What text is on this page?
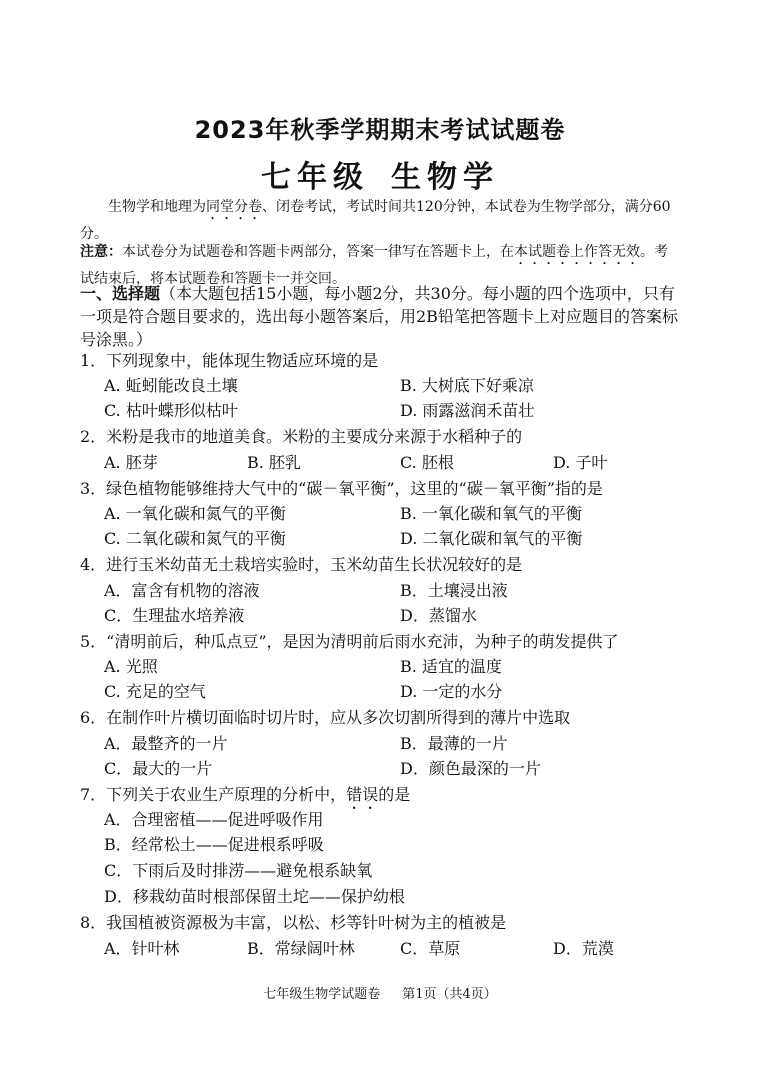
2023年秋季学期期末考试试题卷
七年级 生物学
生物学和地理为同堂分卷、闭卷考试，考试时间共120分钟，本试卷为生物学部分，满分60分。
注意：本试卷分为试题卷和答题卡两部分，答案一律写在答题卡上，在本试题卷上作答无效。考试结束后，将本试题卷和答题卡一并交回。
一、选择题（本大题包括15小题，每小题2分，共30分。每小题的四个选项中，只有一项是符合题目要求的，选出每小题答案后，用2B铅笔把答题卡上对应题目的答案标号涂黑。）
1．下列现象中，能体现生物适应环境的是
A. 蚯蚓能改良土壤	B. 大树底下好乘凉
C. 枯叶蝶形似枯叶	D. 雨露滋润禾苗壮
2．米粉是我市的地道美食。米粉的主要成分来源于水稻种子的
A. 胚芽	B. 胚乳	C. 胚根	D. 子叶
3．绿色植物能够维持大气中的“碳－氧平衡”，这里的“碳－氧平衡”指的是
A. 一氧化碳和氮气的平衡	B. 一氧化碳和氧气的平衡
C. 二氧化碳和氮气的平衡	D. 二氧化碳和氧气的平衡
4．进行玉米幼苗无土栽培实验时，玉米幼苗生长状况较好的是
A．富含有机物的溶液	B．土壤浸出液
C．生理盐水培养液	D．蒸馏水
5．“清明前后，种瓜点豆”，是因为清明前后雨水充沛，为种子的萌发提供了
A. 光照	B. 适宜的温度
C. 充足的空气	D. 一定的水分
6．在制作叶片横切面临时切片时，应从多次切割所得到的薄片中选取
A．最整齐的一片	B．最薄的一片
C．最大的一片	D．颜色最深的一片
7．下列关于农业生产原理的分析中，错误的是
A．合理密植——促进呼吸作用
B．经常松土——促进根系呼吸
C．下雨后及时排涝——避免根系缺氧
D．移栽幼苗时根部保留土坨——保护幼根
8．我国植被资源极为丰富，以松、杉等针叶树为主的植被是
A．针叶林	B．常绿阔叶林	C．草原	D．荒漠
七年级生物学试题卷 第1页（共4页）
